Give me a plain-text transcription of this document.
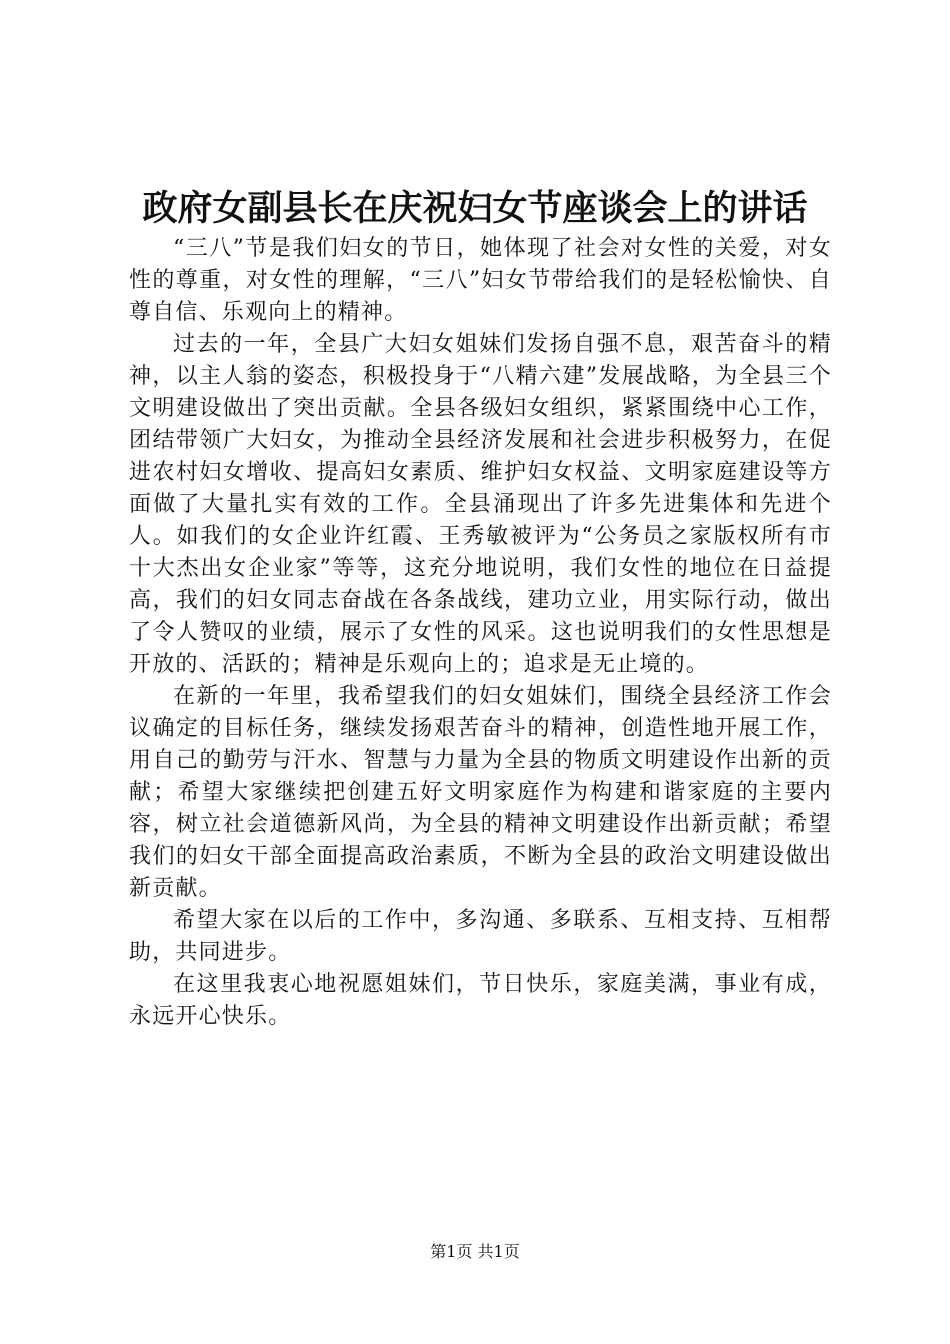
政府女副县长在庆祝妇女节座谈会上的讲话

“三八”节是我们妇女的节日，她体现了社会对女性的关爱，对女性的尊重，对女性的理解，“三八”妇女节带给我们的是轻松愉快、自尊自信、乐观向上的精神。

过去的一年，全县广大妇女姐妹们发扬自强不息，艰苦奋斗的精神，以主人翁的姿态，积极投身于“八精六建”发展战略，为全县三个文明建设做出了突出贡献。全县各级妇女组织，紧紧围绕中心工作，团结带领广大妇女，为推动全县经济发展和社会进步积极努力，在促进农村妇女增收、提高妇女素质、维护妇女权益、文明家庭建设等方面做了大量扎实有效的工作。全县涌现出了许多先进集体和先进个人。如我们的女企业许红霞、王秀敏被评为“公务员之家版权所有市十大杰出女企业家”等等，这充分地说明，我们女性的地位在日益提高，我们的妇女同志奋战在各条战线，建功立业，用实际行动，做出了令人赞叹的业绩，展示了女性的风采。这也说明我们的女性思想是开放的、活跃的；精神是乐观向上的；追求是无止境的。

在新的一年里，我希望我们的妇女姐妹们，围绕全县经济工作会议确定的目标任务，继续发扬艰苦奋斗的精神，创造性地开展工作，用自己的勤劳与汗水、智慧与力量为全县的物质文明建设作出新的贡献；希望大家继续把创建五好文明家庭作为构建和谐家庭的主要内容，树立社会道德新风尚，为全县的精神文明建设作出新贡献；希望我们的妇女干部全面提高政治素质，不断为全县的政治文明建设做出新贡献。

希望大家在以后的工作中，多沟通、多联系、互相支持、互相帮助，共同进步。

在这里我衷心地祝愿姐妹们，节日快乐，家庭美满，事业有成，永远开心快乐。

第1页 共1页
